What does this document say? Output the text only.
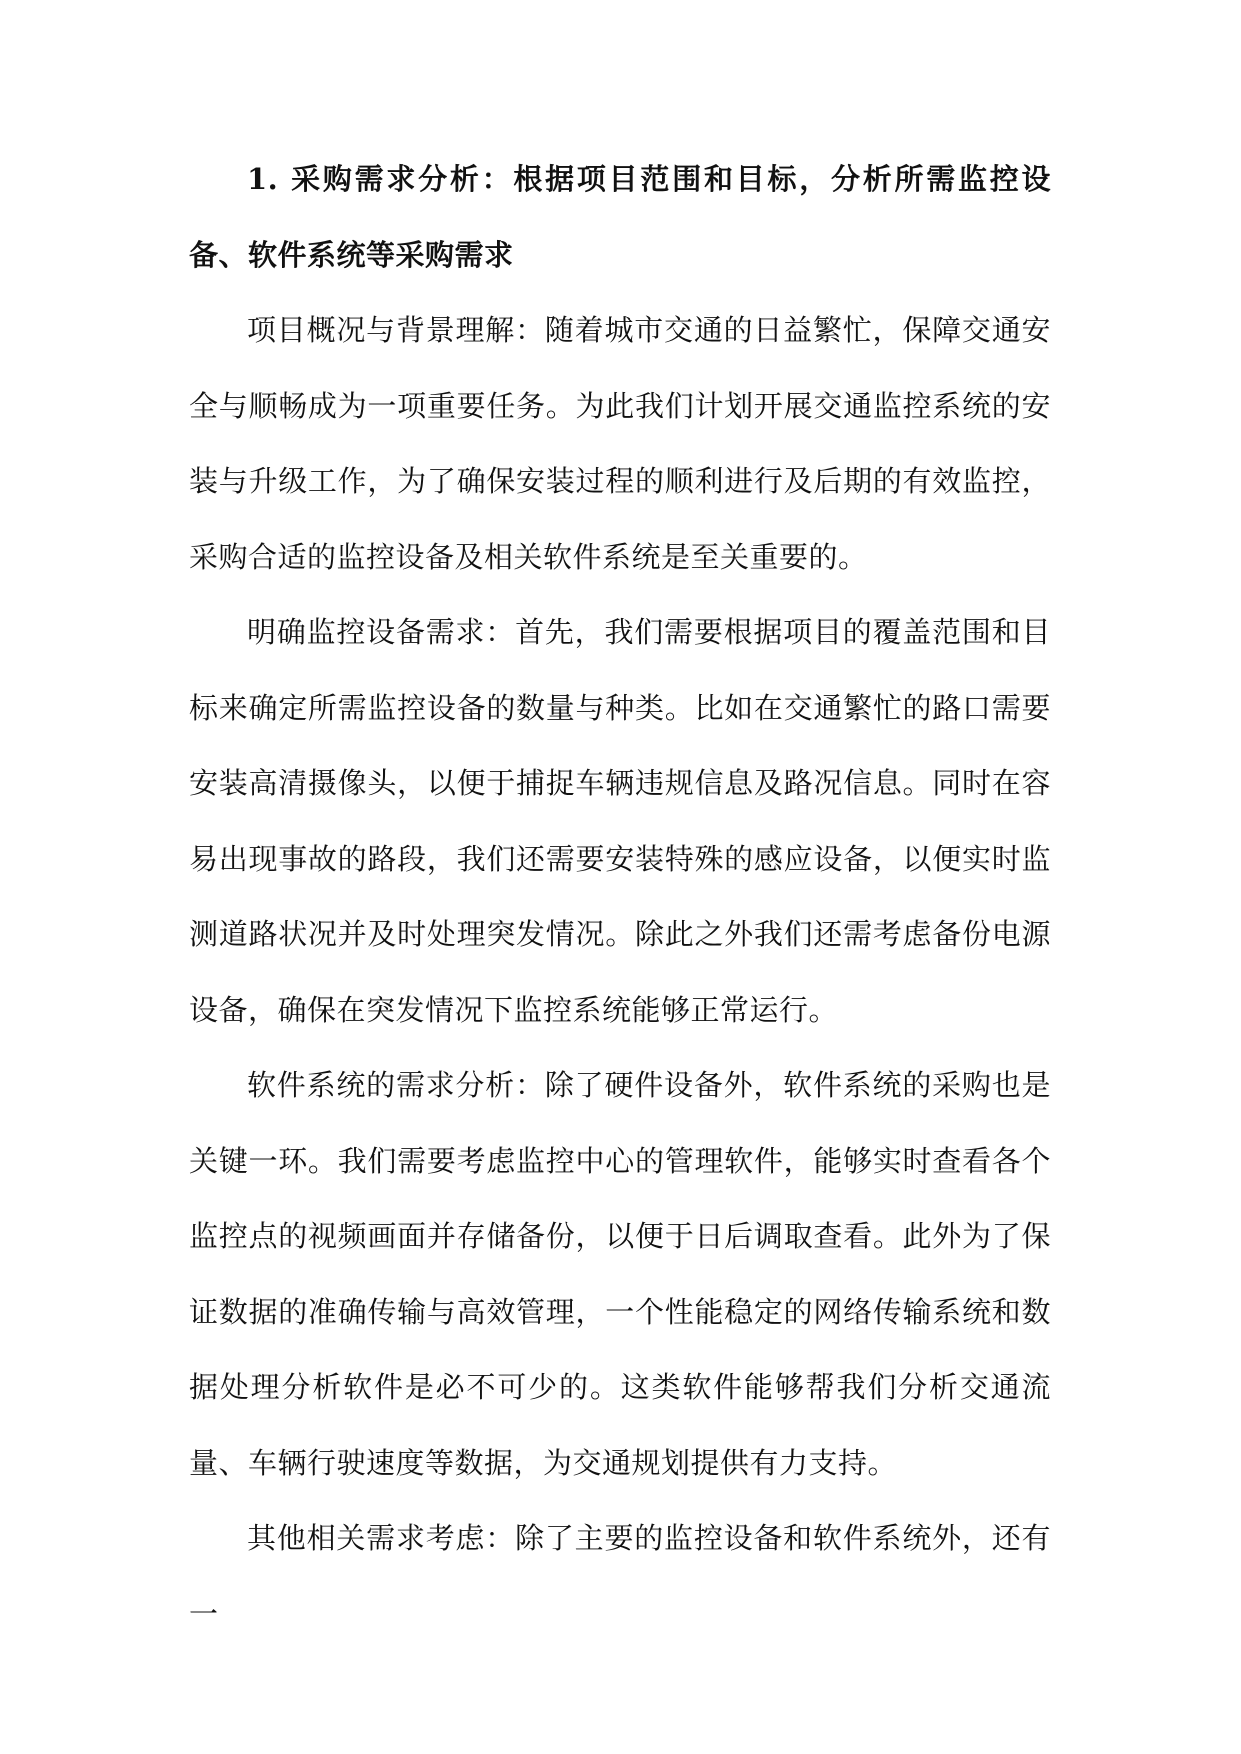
1. 采购需求分析：根据项目范围和目标，分析所需监控设备、软件系统等采购需求

项目概况与背景理解：随着城市交通的日益繁忙，保障交通安全与顺畅成为一项重要任务。为此我们计划开展交通监控系统的安装与升级工作，为了确保安装过程的顺利进行及后期的有效监控，采购合适的监控设备及相关软件系统是至关重要的。

明确监控设备需求：首先，我们需要根据项目的覆盖范围和目标来确定所需监控设备的数量与种类。比如在交通繁忙的路口需要安装高清摄像头，以便于捕捉车辆违规信息及路况信息。同时在容易出现事故的路段，我们还需要安装特殊的感应设备，以便实时监测道路状况并及时处理突发情况。除此之外我们还需考虑备份电源设备，确保在突发情况下监控系统能够正常运行。

软件系统的需求分析：除了硬件设备外，软件系统的采购也是关键一环。我们需要考虑监控中心的管理软件，能够实时查看各个监控点的视频画面并存储备份，以便于日后调取查看。此外为了保证数据的准确传输与高效管理，一个性能稳定的网络传输系统和数据处理分析软件是必不可少的。这类软件能够帮我们分析交通流量、车辆行驶速度等数据，为交通规划提供有力支持。

其他相关需求考虑：除了主要的监控设备和软件系统外，还有一
